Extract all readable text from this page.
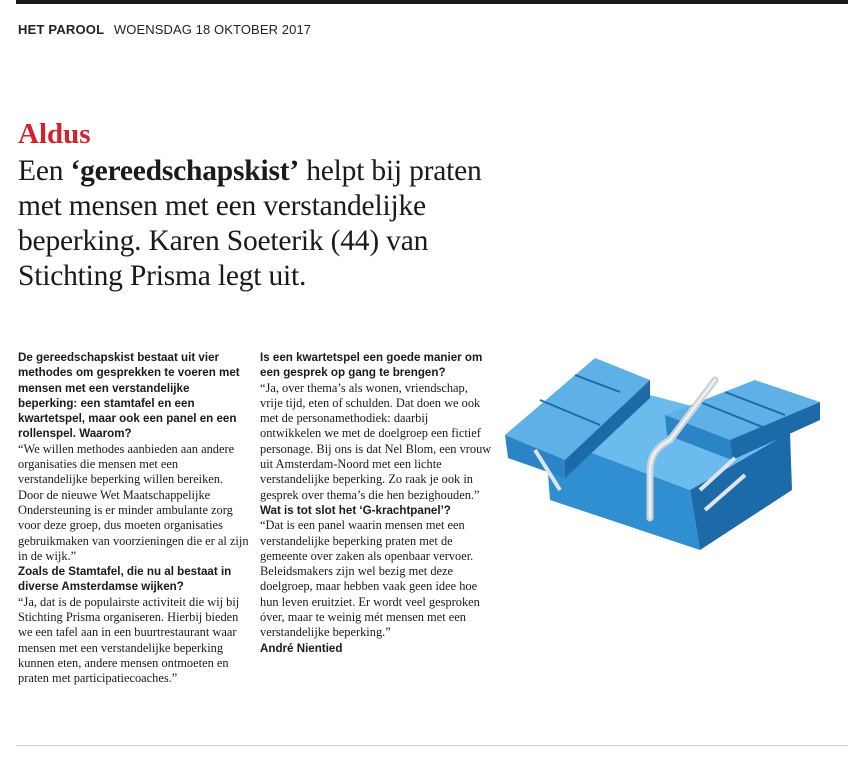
HET PAROOL WOENSDAG 18 OKTOBER 2017
Aldus
Een ‘gereedschapskist’ helpt bij praten met mensen met een verstandelijke beperking. Karen Soeterik (44) van Stichting Prisma legt uit.

De gereedschapskist bestaat uit vier methodes om gesprekken te voeren met mensen met een verstandelijke beperking: een stamtafel en een kwartetspel, maar ook een panel en een rollenspel. Waarom?

“We willen methodes aanbieden aan andere organisaties die mensen met een verstandelijke beperking willen bereiken. Door de nieuwe Wet Maatschappelijke Ondersteuning is er minder ambulante zorg voor deze groep, dus moeten organisaties gebruikmaken van voorzieningen die er al zijn in de wijk.”

Zoals de Stamtafel, die nu al bestaat in diverse Amsterdamse wijken?

“Ja, dat is de populairste activiteit die wij bij Stichting Prisma organiseren. Hierbij bieden we een tafel aan in een buurtrestaurant waar mensen met een verstandelijke beperking kunnen eten, andere mensen ontmoeten en praten met participatiecoaches.”

Is een kwartetspel een goede manier om een gesprek op gang te brengen?

“Ja, over thema’s als wonen, vriendschap, vrije tijd, eten of schulden. Dat doen we ook met de personamethodiek: daarbij ontwikkelen we met de doelgroep een fictief personage. Bij ons is dat Nel Blom, een vrouw uit Amsterdam-Noord met een lichte verstandelijke beperking. Zo raak je ook in gesprek over thema’s die hen bezighouden.”

Wat is tot slot het ‘G-krachtpanel’?

“Dat is een panel waarin mensen met een verstandelijke beperking praten met de gemeente over zaken als openbaar vervoer. Beleidsmakers zijn wel bezig met deze doelgroep, maar hebben vaak geen idee hoe hun leven eruitziet. Er wordt veel gesproken óver, maar te weinig mét mensen met een verstandelijke beperking.”

André Nientied
